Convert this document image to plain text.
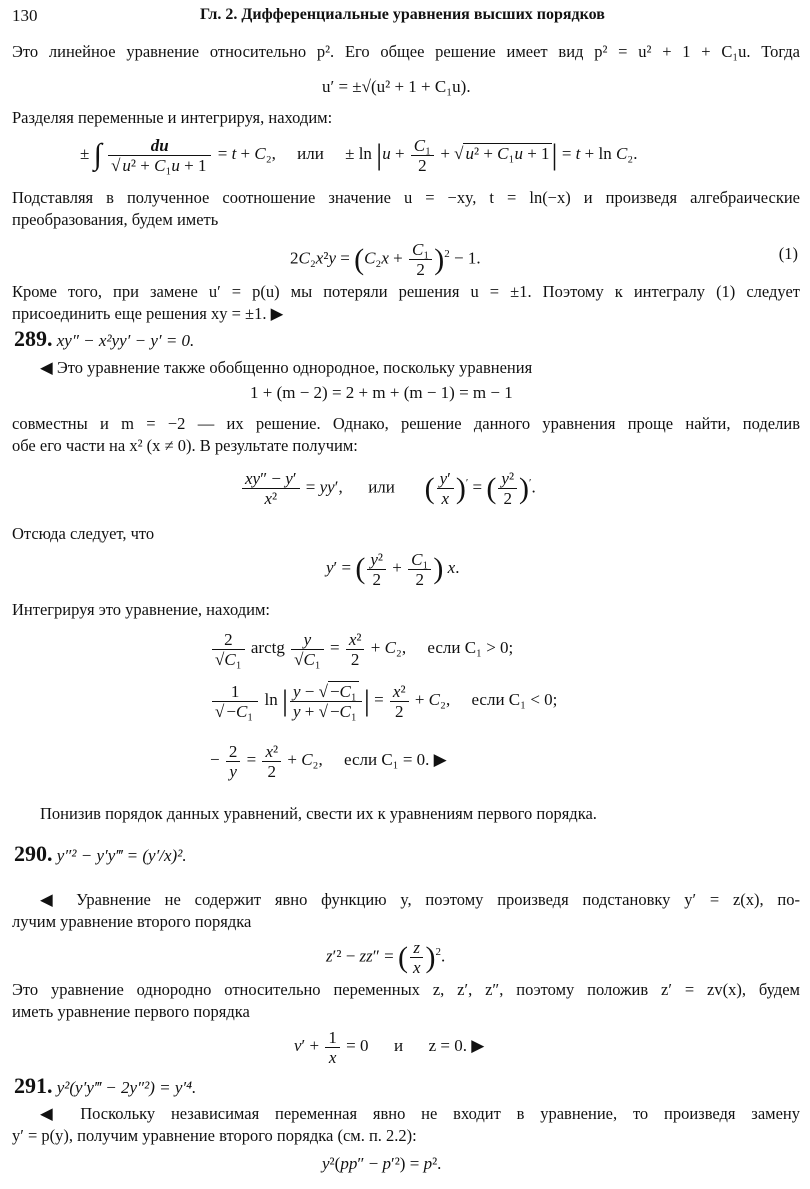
130	Гл. 2. Дифференциальные уравнения высших порядков
Это линейное уравнение относительно p². Его общее решение имеет вид p² = u² + 1 + C₁u. Тогда
u′ = ±√(u² + 1 + C₁u).
Разделяя переменные и интегрируя, находим:
± ∫ $\frac{du}{\text{√ u² + C₁u + 1}} = t + C_2$,     или     ± $\ln |u + \frac{\text{C₁}}{2}$ + √ u² + C₁u + 1| = t + ln C₂.
Подставляя в полученное соотношение значение u = −xy, t = ln(−x) и произведя алгебраические
преобразования, будем иметь
$2C_2x^2y = (C_2x + \frac{\text{C₁}}{2} )^2 - 1$.	(1)
Кроме того, при замене u′ = p(u) мы потеряли решения u = ±1. Поэтому к интегралу (1) следует
присоединить еще решения xy = ±1. ▶
289. xy″ − x²yy′ − y′ = 0.
◀ Это уравнение также обобщенно однородное, поскольку уравнения
1 + (m − 2) = 2 + m + (m − 1) = m − 1
совместны и m = −2 — их решение. Однако, решение данного уравнения проще найти, поделив
обе его части на x² (x ≠ 0). В результате получим:
$\frac{xy'' - y'}{\text{x²}} = yy'$,      или ( $\frac{y'}{x} )'$ = ( $\frac{\text{y²}}{2} )'$.
Отсюда следует, что
y′ = ( $\frac{\text{y²}}{2} + \frac{\text{C₁}}{2}$ ) x.
Интегрируя это уравнение, находим:
$\frac{2}{\text{√C₁}}$ arctg $\frac{y}{\text{√C₁}} = \frac{\text{x²}}{2} + C_2$,     если C₁ > 0;
$\frac{1}{\text{√ −C₁}}$ ln | $\frac{\text{y − √ −C₁}}{\text{y + √ −C₁}}$ | = $\frac{\text{x²}}{2} + C_2$,     если C₁ < 0;
− $\frac{2}{y} = \frac{\text{x²}}{2} + C_2$,     если C₁ = 0. ▶
Понизив порядок данных уравнений, свести их к уравнениям первого порядка.
290. y″² − y′y‴ = (y′/x)².
◀ Уравнение не содержит явно функцию y, поэтому произведя подстановку y′ = z(x), по-
лучим уравнение второго порядка
z′² − zz″ = ( $\frac{z}{x} )^2$.
Это уравнение однородно относительно переменных z, z′, z″, поэтому положив z′ = zv(x), будем
иметь уравнение первого порядка
$v' + \frac{1}{x} = 0$      и z = 0. ▶
291. y²(y′y‴ − 2y″²) = y′⁴.
◀ Поскольку независимая переменная явно не входит в уравнение, то произведя замену
y′ = p(y), получим уравнение второго порядка (см. п. 2.2):
y²(pp″ − p′²) = p².
